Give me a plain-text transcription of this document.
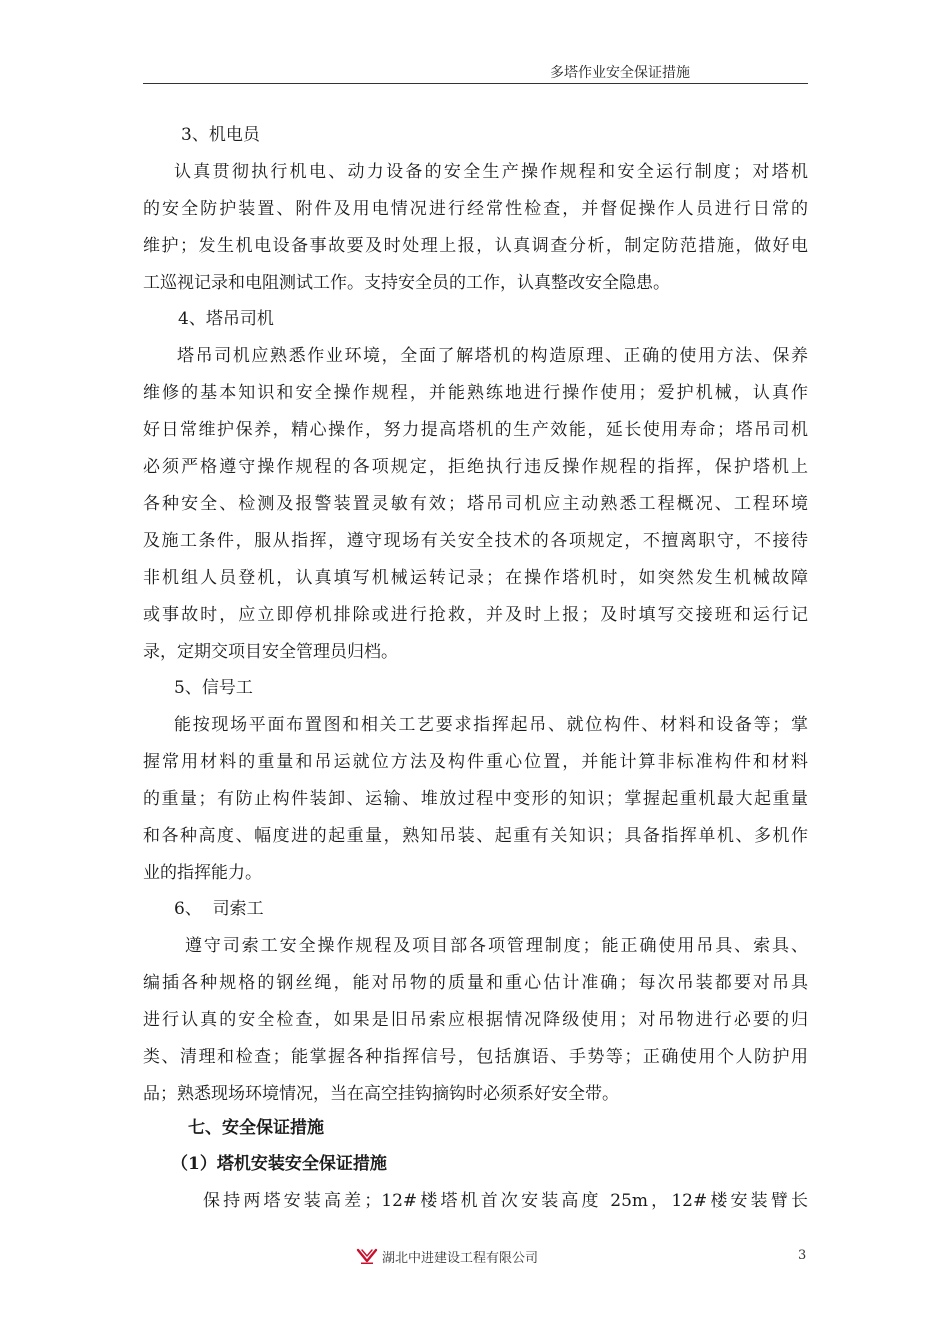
多塔作业安全保证措施
3、机电员
认真贯彻执行机电、动力设备的安全生产操作规程和安全运行制度；对塔机
的安全防护装置、附件及用电情况进行经常性检查，并督促操作人员进行日常的
维护；发生机电设备事故要及时处理上报，认真调查分析，制定防范措施，做好电
工巡视记录和电阻测试工作。支持安全员的工作，认真整改安全隐患。
4、塔吊司机
塔吊司机应熟悉作业环境，全面了解塔机的构造原理、正确的使用方法、保养
维修的基本知识和安全操作规程，并能熟练地进行操作使用；爱护机械，认真作
好日常维护保养，精心操作，努力提高塔机的生产效能，延长使用寿命；塔吊司机
必须严格遵守操作规程的各项规定，拒绝执行违反操作规程的指挥，保护塔机上
各种安全、检测及报警装置灵敏有效；塔吊司机应主动熟悉工程概况、工程环境
及施工条件，服从指挥，遵守现场有关安全技术的各项规定，不擅离职守，不接待
非机组人员登机，认真填写机械运转记录；在操作塔机时，如突然发生机械故障
或事故时，应立即停机排除或进行抢救，并及时上报；及时填写交接班和运行记
录，定期交项目安全管理员归档。
5、信号工
能按现场平面布置图和相关工艺要求指挥起吊、就位构件、材料和设备等；掌
握常用材料的重量和吊运就位方法及构件重心位置，并能计算非标准构件和材料
的重量；有防止构件装卸、运输、堆放过程中变形的知识；掌握起重机最大起重量
和各种高度、幅度进的起重量，熟知吊装、起重有关知识；具备指挥单机、多机作
业的指挥能力。
6、  司索工
遵守司索工安全操作规程及项目部各项管理制度；能正确使用吊具、索具、
编插各种规格的钢丝绳，能对吊物的质量和重心估计准确；每次吊装都要对吊具
进行认真的安全检查，如果是旧吊索应根据情况降级使用；对吊物进行必要的归
类、清理和检查；能掌握各种指挥信号，包括旗语、手势等；正确使用个人防护用
品；熟悉现场环境情况，当在高空挂钩摘钩时必须系好安全带。
七、安全保证措施
（1）塔机安装安全保证措施
保持两塔安装高差；12#楼塔机首次安装高度 25m，12#楼安装臂长
湖北中进建设工程有限公司	3
